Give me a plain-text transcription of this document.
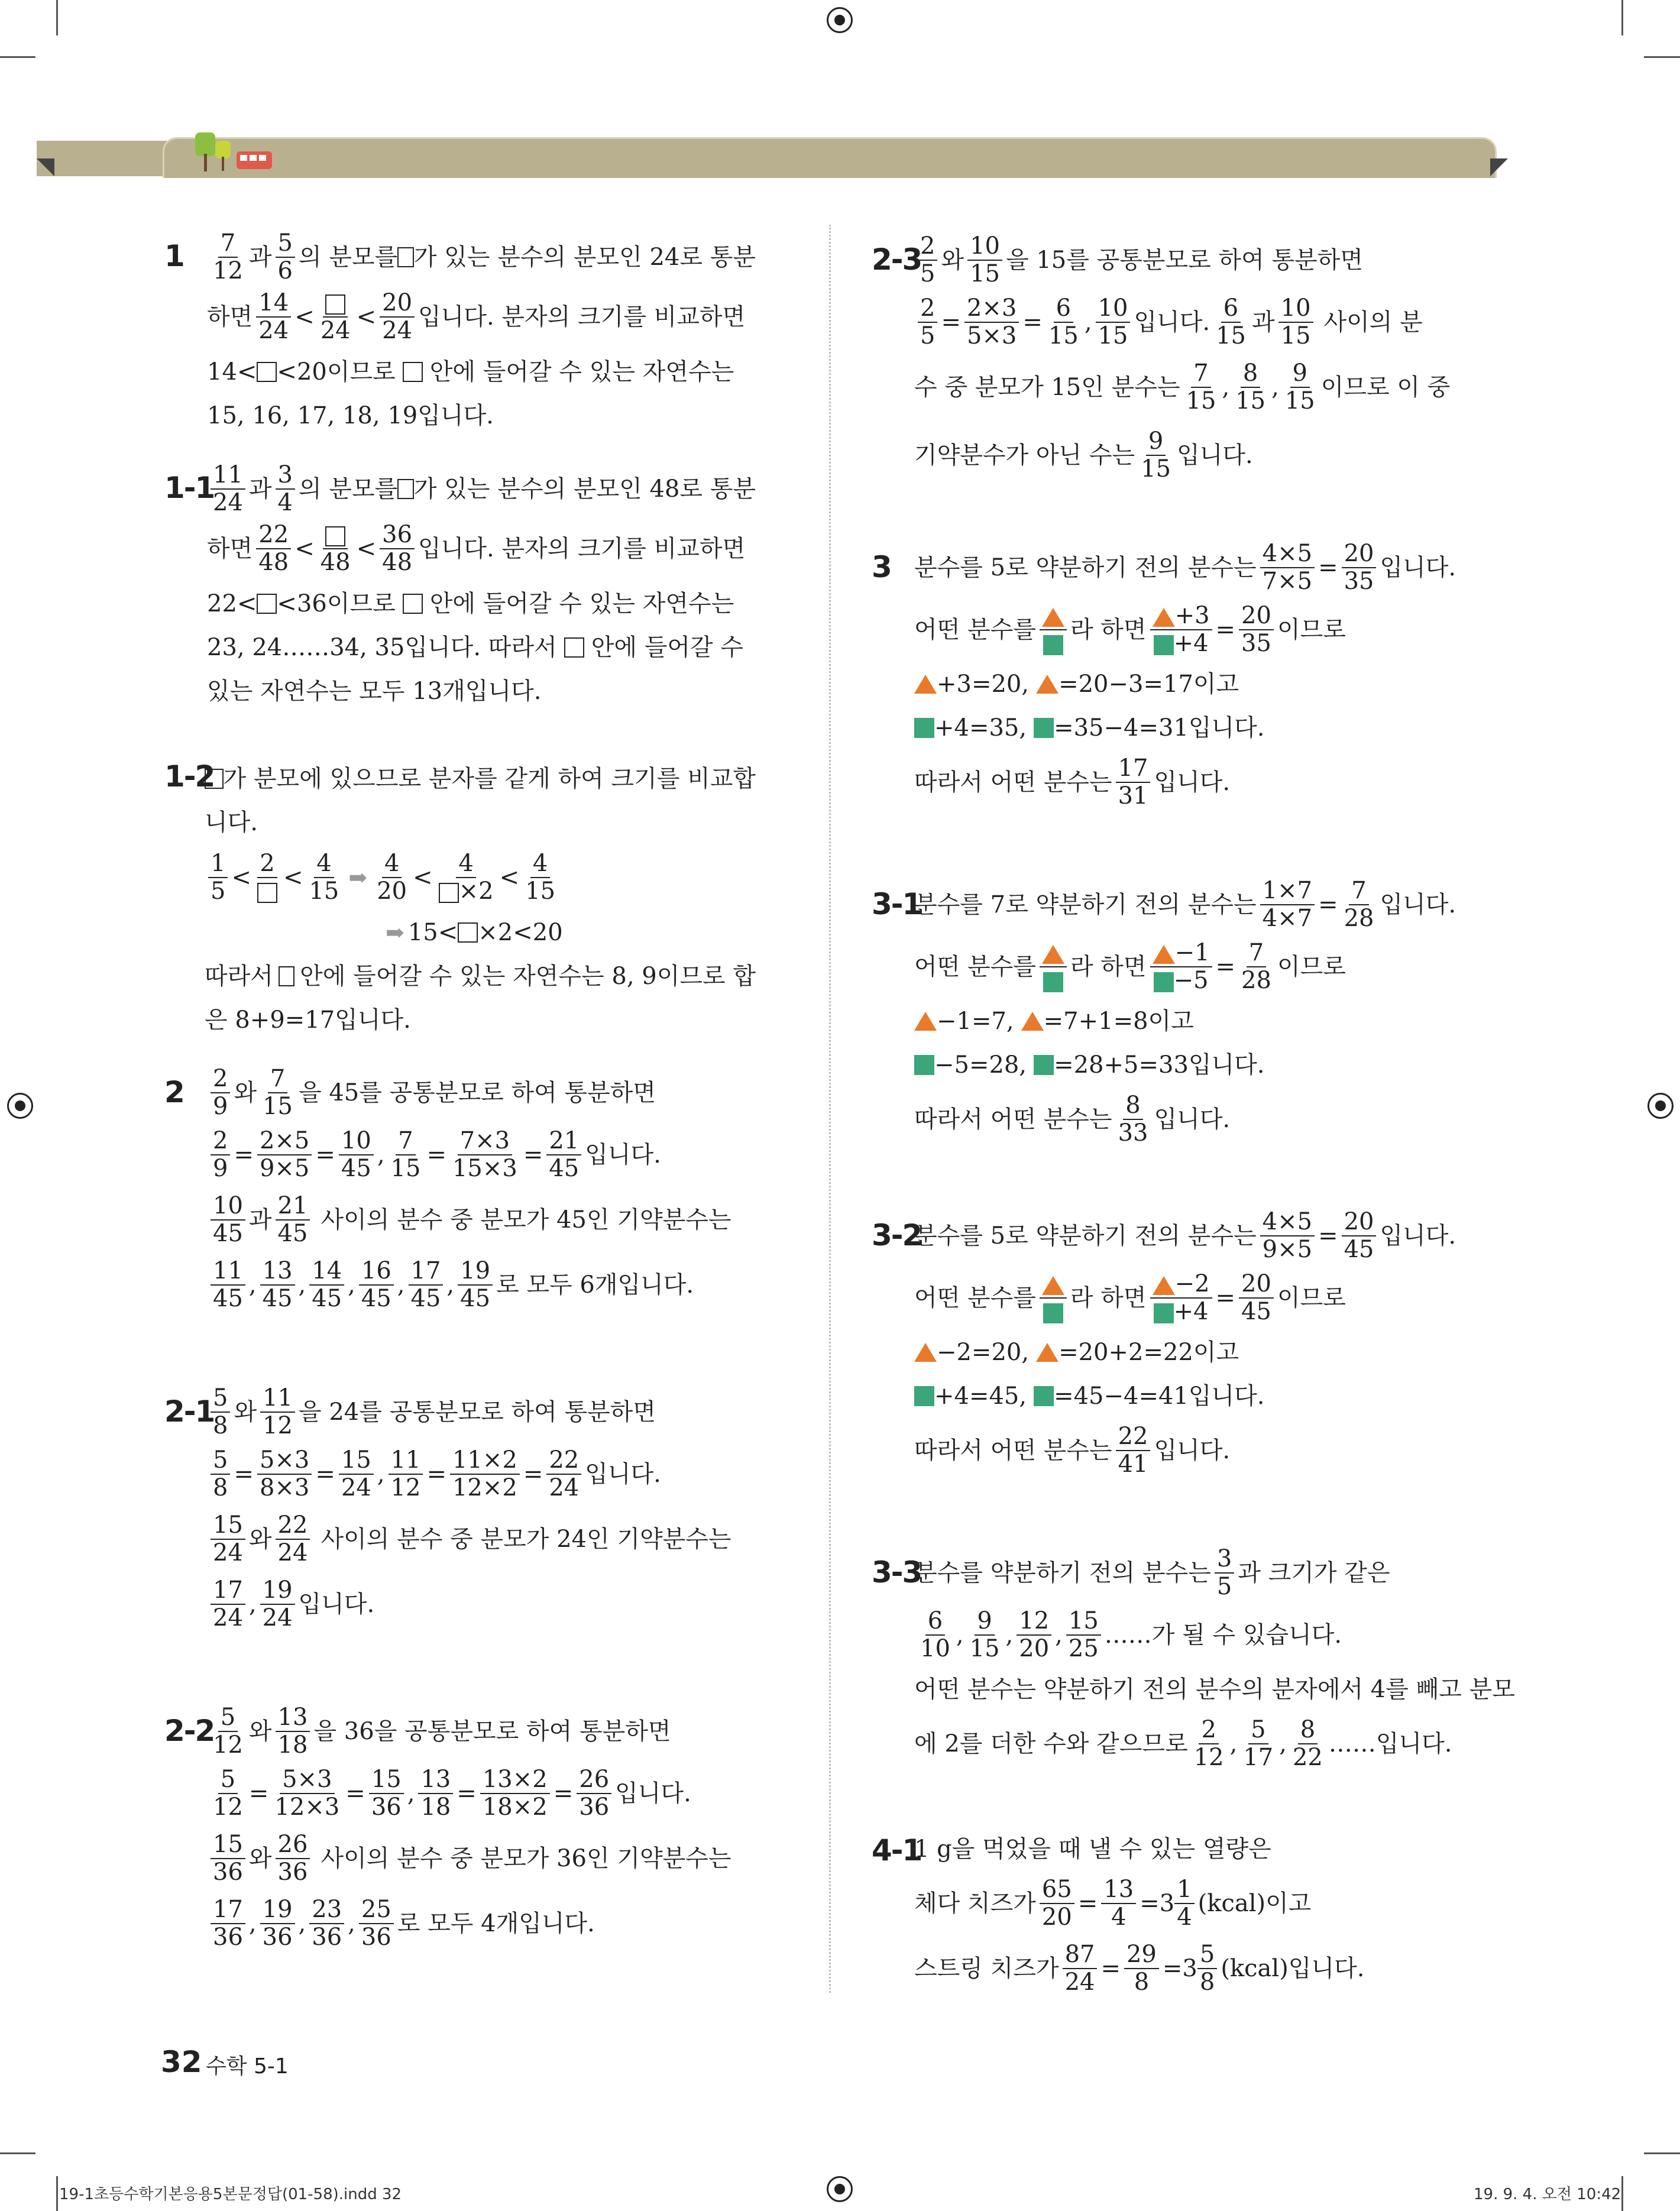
$1 \frac{7}{12}$ 과 $\frac{5}{6}$ 의 분모를 가 있는 분수의 분모인 24로 통분
하면 $\frac{14}{24} < 24 < \frac{20}{24}$ 입니다. 분자의 크기를 비교하면
14< <20이므로 안에 들어갈 수 있는 자연수는
15, 16, 17, 18, 19입니다.
1-1
$\frac{11}{24}$ 과 $\frac{3}{4}$ 의 분모를 가 있는 분수의 분모인 48로 통분
하면 $\frac{22}{48} < 48 < \frac{36}{48}$ 입니다. 분자의 크기를 비교하면
22< <36이므로 안에 들어갈 수 있는 자연수는
23, 24……34, 35입니다. 따라서 안에 들어갈 수
있는 자연수는 모두 13개입니다.
1-2 가 분모에 있으므로 분자를 같게 하여 크기를 비교합
니다.
$\frac{1}{5}$ <
2
< $\frac{4}{15}$ ➡ $\frac{4}{20} < \frac{4}{\times 2} < \frac{4}{15}$
➡ 15< ×2<20
따라서 안에 들어갈 수 있는 자연수는 8, 9이므로 합
은 8+9=17입니다.
$2 \frac{2}{9}$ 와 $\frac{7}{15}$ 을 45를 공통분모로 하여 통분하면
$\frac{2}{9} = \frac{2\times 5}{9\times 5} = \frac{10}{45}$ , $\frac{7}{15} = \frac{7\times 3}{15\times 3} = \frac{21}{45}$ 입니다.
$\frac{10}{45}$ 과 $\frac{21}{45}$ 사이의 분수 중 분모가 45인 기약분수는
$\frac{11}{45}$ , $\frac{13}{45}$ , $\frac{14}{45}$ , $\frac{16}{45}$ , $\frac{17}{45}$ , $\frac{19}{45}$ 로 모두 6개입니다.
2-1
$\frac{5}{8}$ 와 $\frac{11}{12}$ 을 24를 공통분모로 하여 통분하면
$\frac{5}{8} = \frac{5\times 3}{8\times 3} = \frac{15}{24}$ , $\frac{11}{12} = \frac{11\times 2}{12\times 2} = \frac{22}{24}$ 입니다.
$\frac{15}{24}$ 와 $\frac{22}{24}$ 사이의 분수 중 분모가 24인 기약분수는
$\frac{17}{24}$ , $\frac{19}{24}$ 입니다.
2-2
$\frac{5}{12}$ 와 $\frac{13}{18}$ 을 36을 공통분모로 하여 통분하면
$\frac{5}{12} = \frac{5\times 3}{12\times 3} = \frac{15}{36}$ , $\frac{13}{18} = \frac{13\times 2}{18\times 2} = \frac{26}{36}$ 입니다.
$\frac{15}{36}$ 와 $\frac{26}{36}$ 사이의 분수 중 분모가 36인 기약분수는
$\frac{17}{36}$ , $\frac{19}{36}$ , $\frac{23}{36}$ , $\frac{25}{36}$ 로 모두 4개입니다.
2-3
$\frac{2}{5}$ 와 $\frac{10}{15}$ 을 15를 공통분모로 하여 통분하면
$\frac{2}{5} = \frac{2\times 3}{5\times 3} = \frac{6}{15}$ , $\frac{10}{15}$ 입니다. $\frac{6}{15}$ 과 $\frac{10}{15}$ 사이의 분
수 중 분모가 15인 분수는 $\frac{7}{15}$ , $\frac{8}{15}$ , $\frac{9}{15}$ 이므로 이 중
기약분수가 아닌 수는 $\frac{9}{15}$ 입니다.
3 분수를 5로 약분하기 전의 분수는 $\frac{4\times 5}{7\times 5} = \frac{20}{35}$ 입니다.
어떤 분수를 라 하면 $\frac{+3}{+4} = \frac{20}{35}$ 이므로
+3=20, =20−3=17이고
+4=35, =35−4=31입니다.
따라서 어떤 분수는 $\frac{17}{31}$ 입니다.
3-1
분수를 7로 약분하기 전의 분수는 $\frac{1\times 7}{4\times 7} = \frac{7}{28}$ 입니다.
어떤 분수를 라 하면 $\frac{-1}{-5} = \frac{7}{28}$ 이므로
−1=7, =7+1=8이고
−5=28, =28+5=33입니다.
따라서 어떤 분수는 $\frac{8}{33}$ 입니다.
3-2
분수를 5로 약분하기 전의 분수는 $\frac{4\times 5}{9\times 5} = \frac{20}{45}$ 입니다.
어떤 분수를 라 하면 $\frac{-2}{+4} = \frac{20}{45}$ 이므로
−2=20, =20+2=22이고
+4=45, =45−4=41입니다.
따라서 어떤 분수는 $\frac{22}{41}$ 입니다.
3-3
분수를 약분하기 전의 분수는 $\frac{3}{5}$ 과 크기가 같은
$\frac{6}{10}$ , $\frac{9}{15}$ , $\frac{12}{20}$ , $\frac{15}{25}$ ……가 될 수 있습니다.
어떤 분수는 약분하기 전의 분수의 분자에서 4를 빼고 분모
에 2를 더한 수와 같으므로 $\frac{2}{12}$ , $\frac{5}{17}$ , $\frac{8}{22}$ ……입니다.
4-1
1 g을 먹었을 때 낼 수 있는 열량은
체다 치즈가 $\frac{65}{20} = \frac{13}{4} = 3 \frac{1}{4}$ (kcal)이고
스트링 치즈가 $\frac{87}{24} = \frac{29}{8} = 3 \frac{5}{8}$ (kcal)입니다.
32 수학 5-1
19-1초등수학기본응용5본문정답(01-58).indd 32	19. 9. 4. 오전 10:42
